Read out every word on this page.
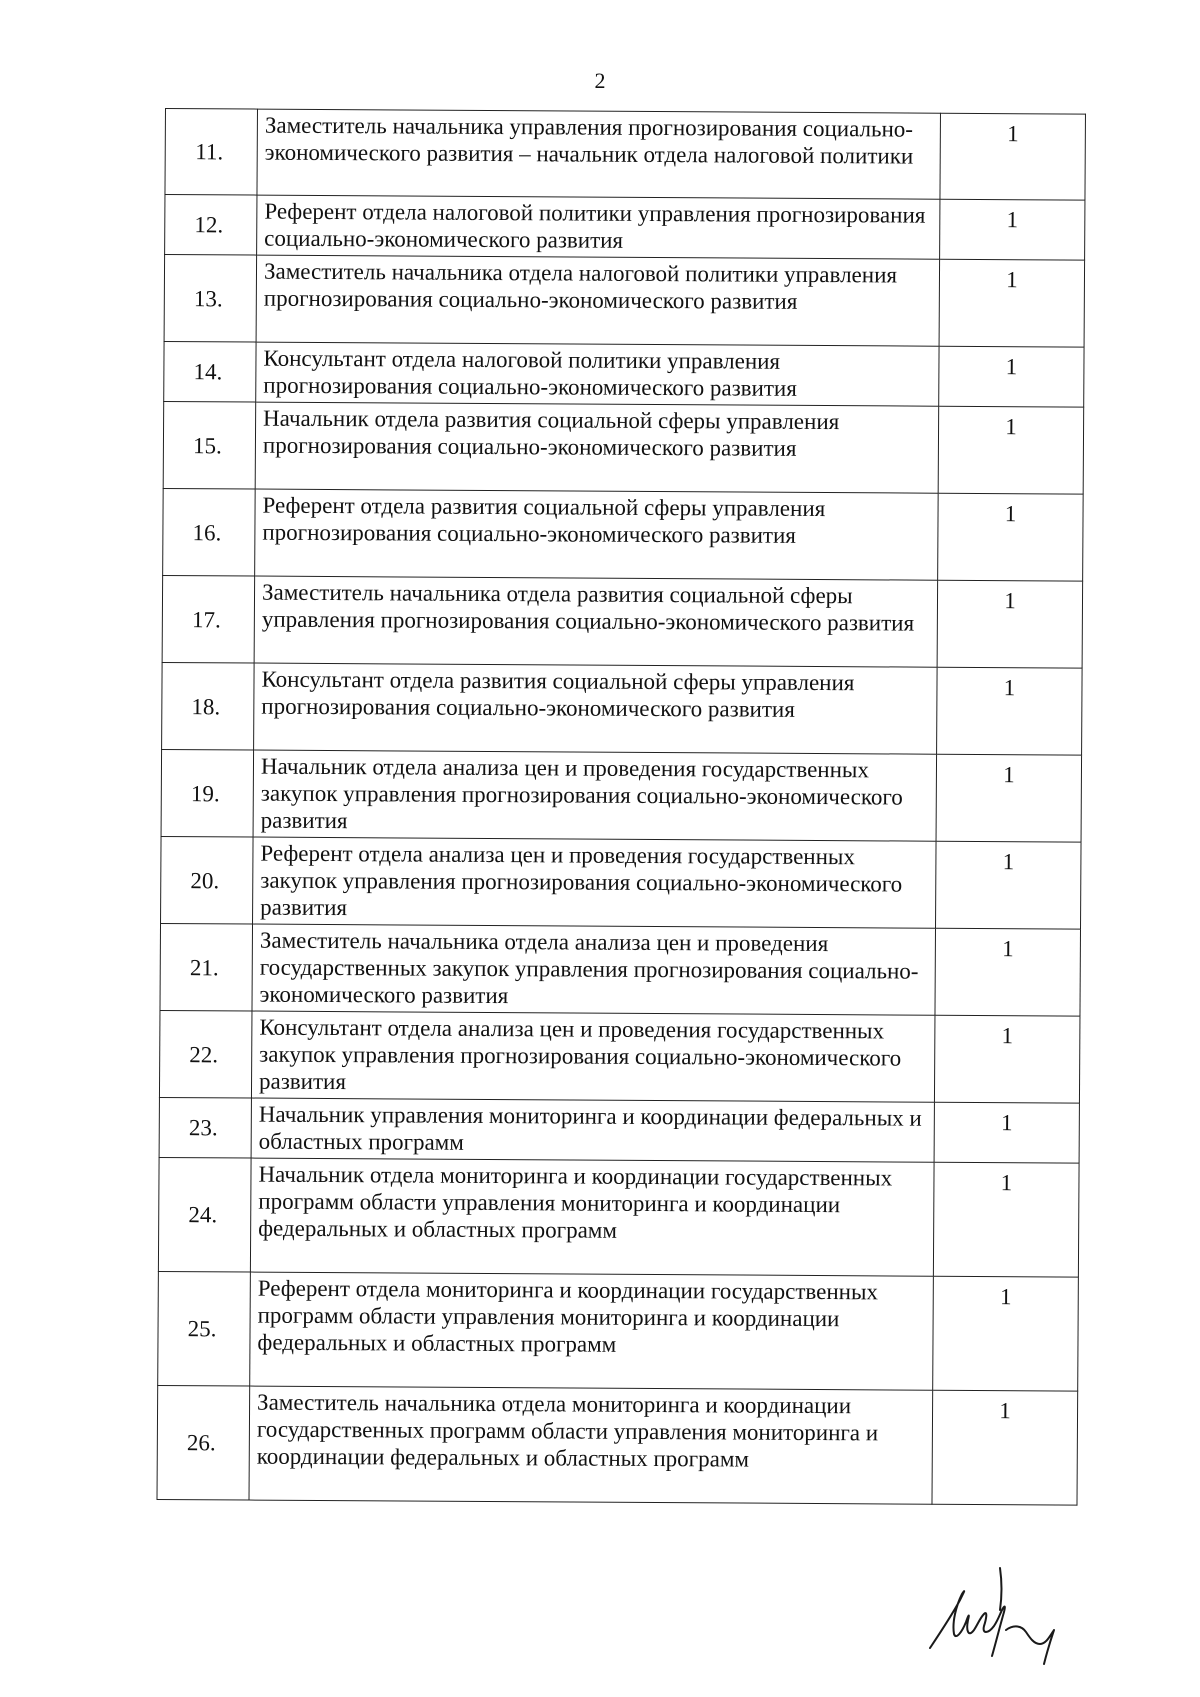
2
11.	Заместитель начальника управления прогнозирования социально-экономического развития – начальник отдела налоговой политики	1
12.	Референт отдела налоговой политики управления прогнозирования социально-экономического развития	1
13.	Заместитель начальника отдела налоговой политики управления прогнозирования социально-экономического развития	1
14.	Консультант отдела налоговой политики управления прогнозирования социально-экономического развития	1
15.	Начальник отдела развития социальной сферы управления прогнозирования социально-экономического развития	1
16.	Референт отдела развития социальной сферы управления прогнозирования социально-экономического развития	1
17.	Заместитель начальника отдела развития социальной сферы управления прогнозирования социально-экономического развития	1
18.	Консультант отдела развития социальной сферы управления прогнозирования социально-экономического развития	1
19.	Начальник отдела анализа цен и проведения государственных закупок управления прогнозирования социально-экономического развития	1
20.	Референт отдела анализа цен и проведения государственных закупок управления прогнозирования социально-экономического развития	1
21.	Заместитель начальника отдела анализа цен и проведения государственных закупок управления прогнозирования социально-экономического развития	1
22.	Консультант отдела анализа цен и проведения государственных закупок управления прогнозирования социально-экономического развития	1
23.	Начальник управления мониторинга и координации федеральных и областных программ	1
24.	Начальник отдела мониторинга и координации государственных программ области управления мониторинга и координации федеральных и областных программ	1
25.	Референт отдела мониторинга и координации государственных программ области управления мониторинга и координации федеральных и областных программ	1
26.	Заместитель начальника отдела мониторинга и координации государственных программ области управления мониторинга и координации федеральных и областных программ	1
